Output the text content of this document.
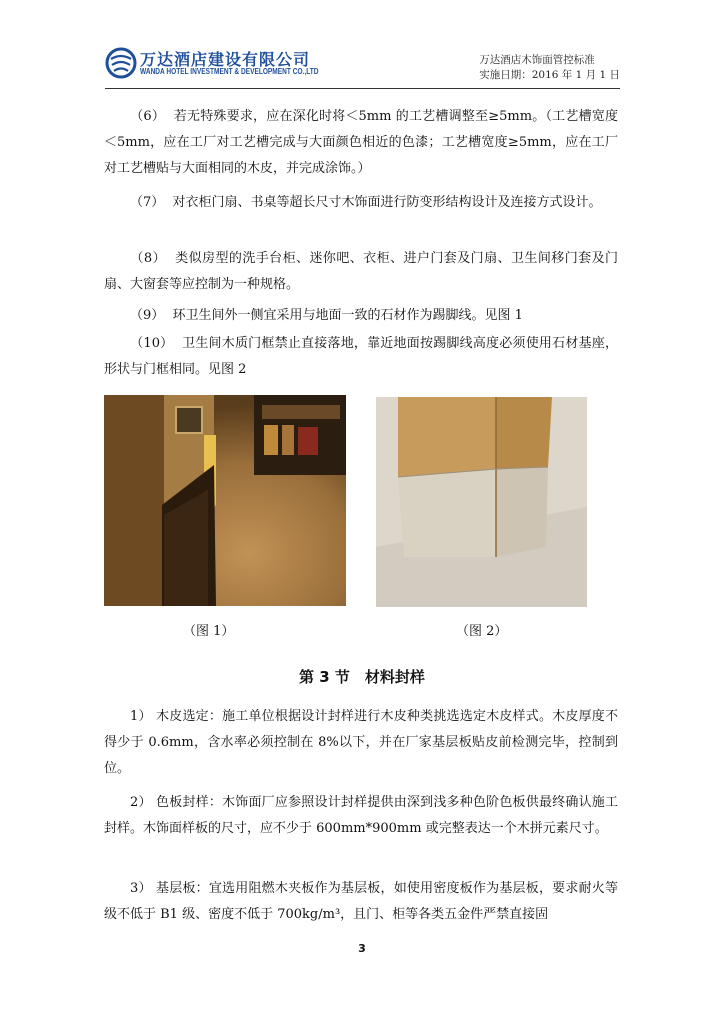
万达酒店建设有限公司
WANDA HOTEL INVESTMENT & DEVELOPMENT CO.,LTD
万达酒店木饰面管控标准
实施日期：2016 年 1 月 1 日

（6） 若无特殊要求，应在深化时将＜5mm 的工艺槽调整至≥5mm。（工艺槽宽度＜5mm，应在工厂对工艺槽完成与大面颜色相近的色漆；工艺槽宽度≥5mm，应在工厂对工艺槽贴与大面相同的木皮，并完成涂饰。）

（7） 对衣柜门扇、书桌等超长尺寸木饰面进行防变形结构设计及连接方式设计。

（8） 类似房型的洗手台柜、迷你吧、衣柜、进户门套及门扇、卫生间移门套及门扇、大窗套等应控制为一种规格。

（9） 环卫生间外一侧宜采用与地面一致的石材作为踢脚线。见图 1

（10） 卫生间木质门框禁止直接落地，靠近地面按踢脚线高度必须使用石材基座，形状与门框相同。见图 2

（图 1）	（图 2）
第 3 节　材料封样

1） 木皮选定：施工单位根据设计封样进行木皮种类挑选选定木皮样式。木皮厚度不得少于 0.6mm，含水率必须控制在 8%以下，并在厂家基层板贴皮前检测完毕，控制到位。

2） 色板封样：木饰面厂应参照设计封样提供由深到浅多种色阶色板供最终确认施工封样。木饰面样板的尺寸，应不少于 600mm*900mm 或完整表达一个木拼元素尺寸。

3） 基层板：宜选用阻燃木夹板作为基层板，如使用密度板作为基层板，要求耐火等级不低于 B1 级、密度不低于 700kg/m³，且门、柜等各类五金件严禁直接固

3
